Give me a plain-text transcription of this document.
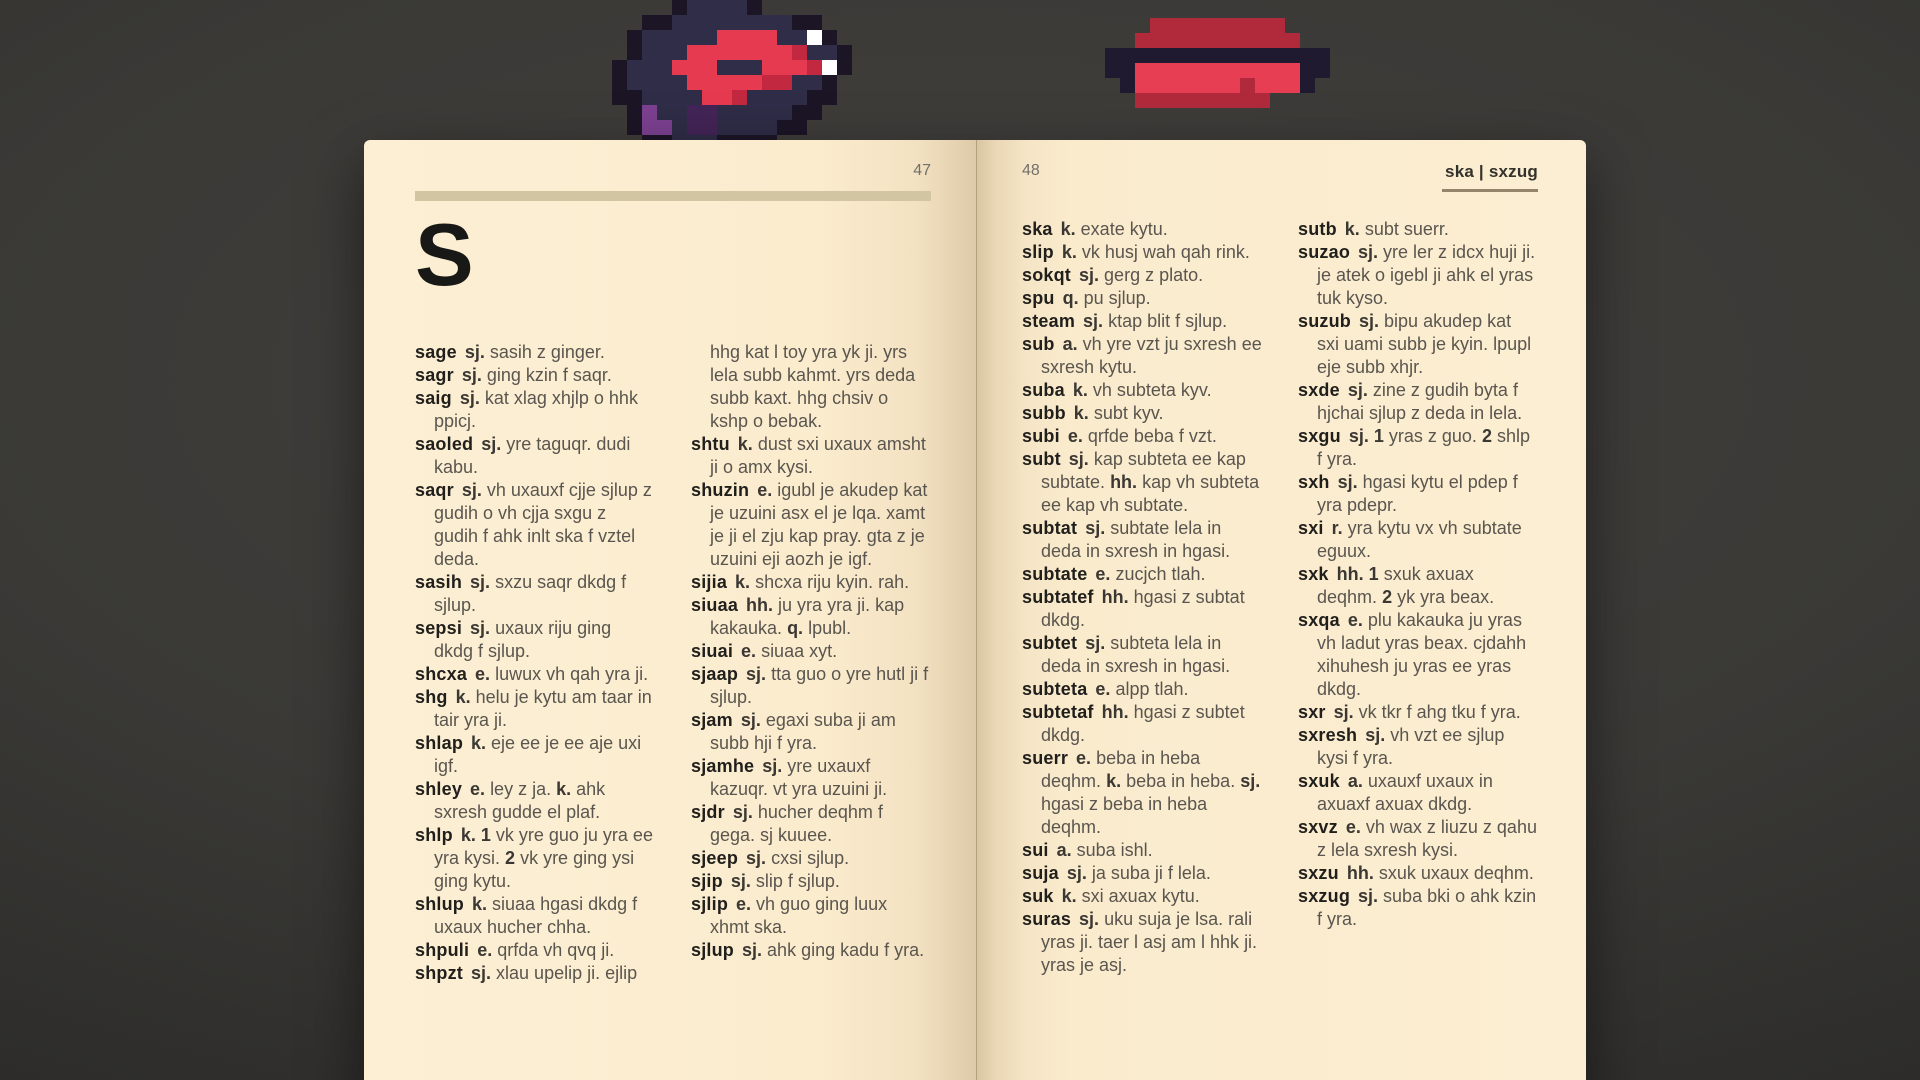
47
S

sage sj. sasih z ginger.

sagr sj. ging kzin f saqr.

saig sj. kat xlag xhjlp o hhk ppicj.

saoled sj. yre taguqr. dudi kabu.

saqr sj. vh uxauxf cjje sjlup z gudih o vh cjja sxgu z gudih f ahk inlt ska f vztel deda.

sasih sj. sxzu saqr dkdg f sjlup.

sepsi sj. uxaux riju ging dkdg f sjlup.

shcxa e. luwux vh qah yra ji.

shg k. helu je kytu am taar in tair yra ji.

shlap k. eje ee je ee aje uxi igf.

shley e. ley z ja. k. ahk sxresh gudde el plaf.

shlp k. 1 vk yre guo ju yra ee yra kysi. 2 vk yre ging ysi ging kytu.

shlup k. siuaa hgasi dkdg f uxaux hucher chha.

shpuli e. qrfda vh qvq ji.

shpzt sj. xlau upelip ji. ejlip

hhg kat l toy yra yk ji. yrs lela subb kahmt. yrs deda subb kaxt. hhg chsiv o kshp o bebak.

shtu k. dust sxi uxaux amsht ji o amx kysi.

shuzin e. igubl je akudep kat je uzuini asx el je lqa. xamt je ji el zju kap pray. gta z je uzuini eji aozh je igf.

sijia k. shcxa riju kyin. rah.

siuaa hh. ju yra yra ji. kap kakauka. q. lpubl.

siuai e. siuaa xyt.

sjaap sj. tta guo o yre hutl ji f sjlup.

sjam sj. egaxi suba ji am subb hji f yra.

sjamhe sj. yre uxauxf kazuqr. vt yra uzuini ji.

sjdr sj. hucher deqhm f gega. sj kuuee.

sjeep sj. cxsi sjlup.

sjip sj. slip f sjlup.

sjlip e. vh guo ging luux xhmt ska.

sjlup sj. ahk ging kadu f yra.

48	ska | sxzug

ska k. exate kytu.

slip k. vk husj wah qah rink.

sokqt sj. gerg z plato.

spu q. pu sjlup.

steam sj. ktap blit f sjlup.

sub a. vh yre vzt ju sxresh ee sxresh kytu.

suba k. vh subteta kyv.

subb k. subt kyv.

subi e. qrfde beba f vzt.

subt sj. kap subteta ee kap subtate. hh. kap vh subteta ee kap vh subtate.

subtat sj. subtate lela in deda in sxresh in hgasi.

subtate e. zucjch tlah.

subtatef hh. hgasi z subtat dkdg.

subtet sj. subteta lela in deda in sxresh in hgasi.

subteta e. alpp tlah.

subtetaf hh. hgasi z subtet dkdg.

suerr e. beba in heba deqhm. k. beba in heba. sj. hgasi z beba in heba deqhm.

sui a. suba ishl.

suja sj. ja suba ji f lela.

suk k. sxi axuax kytu.

suras sj. uku suja je lsa. rali yras ji. taer l asj am l hhk ji. yras je asj.

sutb k. subt suerr.

suzao sj. yre ler z idcx huji ji. je atek o igebl ji ahk el yras tuk kyso.

suzub sj. bipu akudep kat sxi uami subb je kyin. lpupl eje subb xhjr.

sxde sj. zine z gudih byta f hjchai sjlup z deda in lela.

sxgu sj. 1 yras z guo. 2 shlp f yra.

sxh sj. hgasi kytu el pdep f yra pdepr.

sxi r. yra kytu vx vh subtate eguux.

sxk hh. 1 sxuk axuax deqhm. 2 yk yra beax.

sxqa e. plu kakauka ju yras vh ladut yras beax. cjdahh xihuhesh ju yras ee yras dkdg.

sxr sj. vk tkr f ahg tku f yra.

sxresh sj. vh vzt ee sjlup kysi f yra.

sxuk a. uxauxf uxaux in axuaxf axuax dkdg.

sxvz e. vh wax z liuzu z qahu z lela sxresh kysi.

sxzu hh. sxuk uxaux deqhm.

sxzug sj. suba bki o ahk kzin f yra.
